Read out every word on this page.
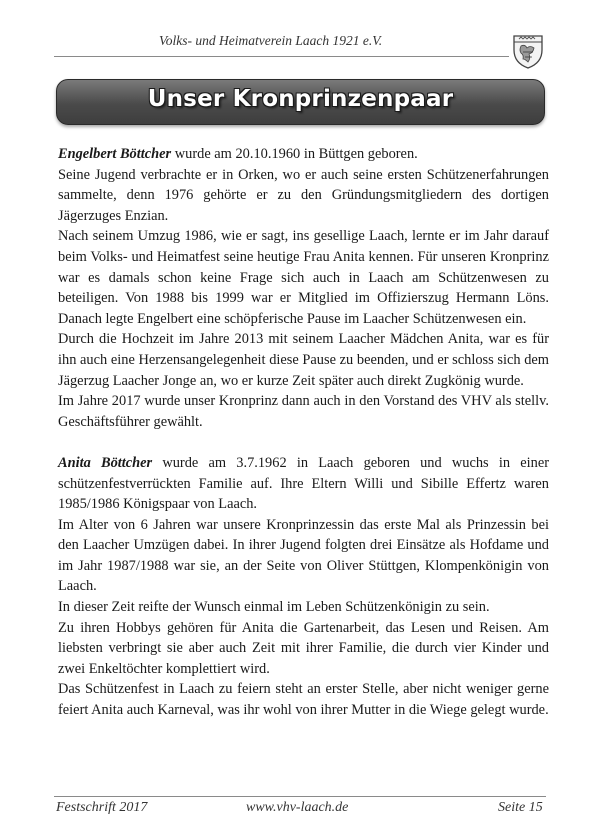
Volks- und Heimatverein Laach 1921 e.V.
Unser Kronprinzenpaar

Engelbert Böttcher wurde am 20.10.1960 in Büttgen geboren.

Seine Jugend verbrachte er in Orken, wo er auch seine ersten Schützenerfahrungen sammelte, denn 1976 gehörte er zu den Gründungsmitgliedern des dortigen Jägerzuges Enzian.

Nach seinem Umzug 1986, wie er sagt, ins gesellige Laach, lernte er im Jahr darauf beim Volks- und Heimatfest seine heutige Frau Anita kennen. Für unseren Kronprinz war es damals schon keine Frage sich auch in Laach am Schützenwesen zu beteiligen. Von 1988 bis 1999 war er Mitglied im Offizierszug Hermann Löns. Danach legte Engelbert eine schöpferische Pause im Laacher Schützenwesen ein.

Durch die Hochzeit im Jahre 2013 mit seinem Laacher Mädchen Anita, war es für ihn auch eine Herzensangelegenheit diese Pause zu beenden, und er schloss sich dem Jägerzug Laacher Jonge an, wo er kurze Zeit später auch direkt Zugkönig wurde.

Im Jahre 2017 wurde unser Kronprinz dann auch in den Vorstand des VHV als stellv. Geschäftsführer gewählt.

Anita Böttcher wurde am 3.7.1962 in Laach geboren und wuchs in einer schützenfestverrückten Familie auf. Ihre Eltern Willi und Sibille Effertz waren 1985/1986 Königspaar von Laach.

Im Alter von 6 Jahren war unsere Kronprinzessin das erste Mal als Prinzessin bei den Laacher Umzügen dabei. In ihrer Jugend folgten drei Einsätze als Hofdame und im Jahr 1987/1988 war sie, an der Seite von Oliver Stüttgen, Klompenkönigin von Laach.

In dieser Zeit reifte der Wunsch einmal im Leben Schützenkönigin zu sein.

Zu ihren Hobbys gehören für Anita die Gartenarbeit, das Lesen und Reisen. Am liebsten verbringt sie aber auch Zeit mit ihrer Familie, die durch vier Kinder und zwei Enkeltöchter komplettiert wird.

Das Schützenfest in Laach zu feiern steht an erster Stelle, aber nicht weniger gerne feiert Anita auch Karneval, was ihr wohl von ihrer Mutter in die Wiege gelegt wurde.

Festschrift 2017	www.vhv-laach.de	Seite 15
